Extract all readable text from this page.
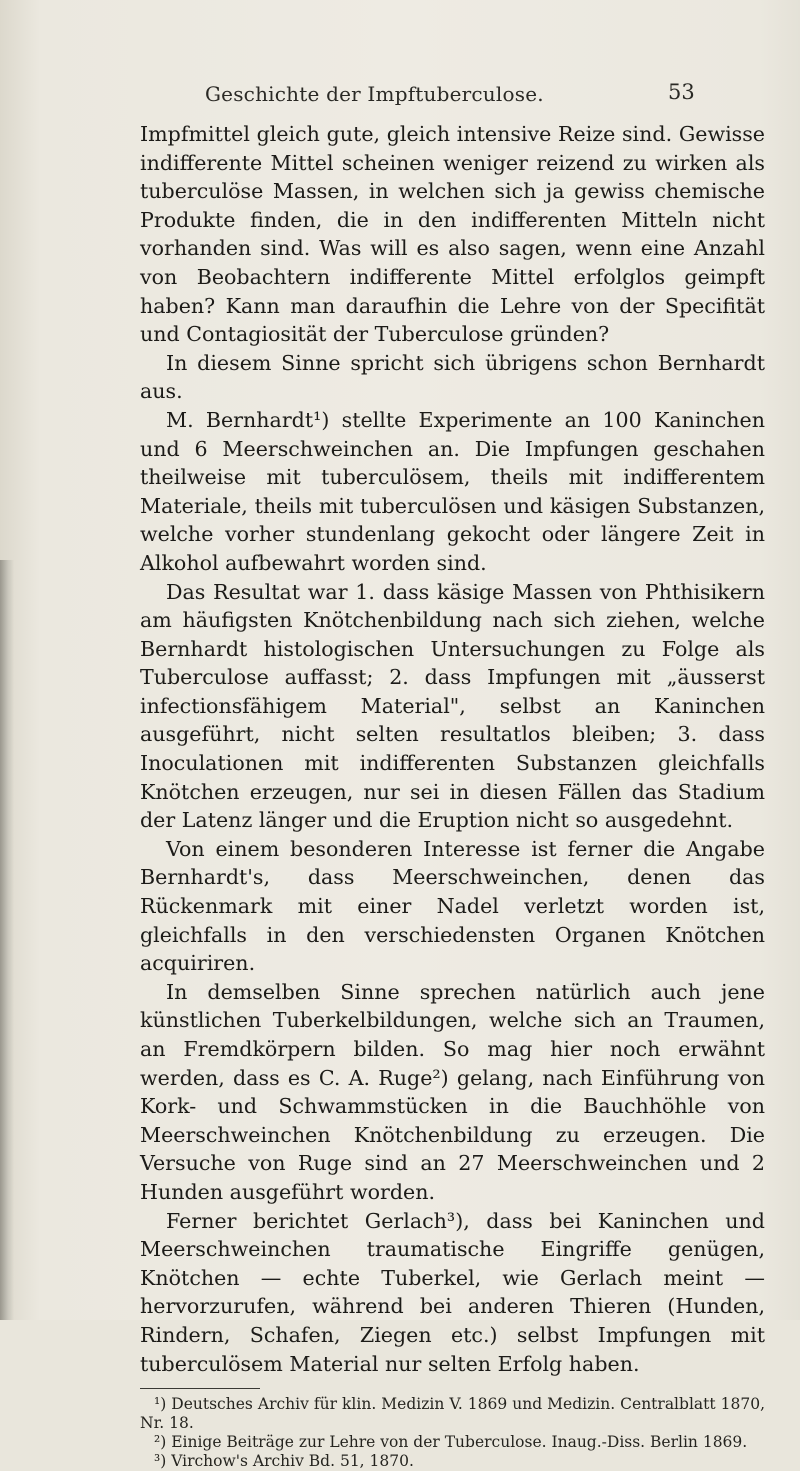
Geschichte der Impftuberculose.	53

Impfmittel gleich gute, gleich intensive Reize sind. Gewisse indifferente Mittel scheinen weniger reizend zu wirken als tuberculöse Massen, in welchen sich ja gewiss chemische Produkte finden, die in den indifferenten Mitteln nicht vorhanden sind. Was will es also sagen, wenn eine Anzahl von Beobachtern indifferente Mittel erfolglos geimpft haben? Kann man daraufhin die Lehre von der Specifität und Contagiosität der Tuberculose gründen?

In diesem Sinne spricht sich übrigens schon Bernhardt aus.

M. Bernhardt¹) stellte Experimente an 100 Kaninchen und 6 Meerschweinchen an. Die Impfungen geschahen theilweise mit tuberculösem, theils mit indifferentem Materiale, theils mit tuberculösen und käsigen Substanzen, welche vorher stundenlang gekocht oder längere Zeit in Alkohol aufbewahrt worden sind.

Das Resultat war 1. dass käsige Massen von Phthisikern am häufigsten Knötchenbildung nach sich ziehen, welche Bernhardt histologischen Untersuchungen zu Folge als Tuberculose auffasst; 2. dass Impfungen mit „äusserst infectionsfähigem Material", selbst an Kaninchen ausgeführt, nicht selten resultatlos bleiben; 3. dass Inoculationen mit indifferenten Substanzen gleichfalls Knötchen erzeugen, nur sei in diesen Fällen das Stadium der Latenz länger und die Eruption nicht so ausgedehnt.

Von einem besonderen Interesse ist ferner die Angabe Bernhardt's, dass Meerschweinchen, denen das Rückenmark mit einer Nadel verletzt worden ist, gleichfalls in den verschiedensten Organen Knötchen acquiriren.

In demselben Sinne sprechen natürlich auch jene künstlichen Tuberkelbildungen, welche sich an Traumen, an Fremdkörpern bilden. So mag hier noch erwähnt werden, dass es C. A. Ruge²) gelang, nach Einführung von Kork- und Schwammstücken in die Bauchhöhle von Meerschweinchen Knötchenbildung zu erzeugen. Die Versuche von Ruge sind an 27 Meerschweinchen und 2 Hunden ausgeführt worden.

Ferner berichtet Gerlach³), dass bei Kaninchen und Meerschweinchen traumatische Eingriffe genügen, Knötchen — echte Tuberkel, wie Gerlach meint — hervorzurufen, während bei anderen Thieren (Hunden, Rindern, Schafen, Ziegen etc.) selbst Impfungen mit tuberculösem Material nur selten Erfolg haben.

¹) Deutsches Archiv für klin. Medizin V. 1869 und Medizin. Centralblatt 1870, Nr. 18.

²) Einige Beiträge zur Lehre von der Tuberculose. Inaug.-Diss. Berlin 1869.

³) Virchow's Archiv Bd. 51, 1870.
